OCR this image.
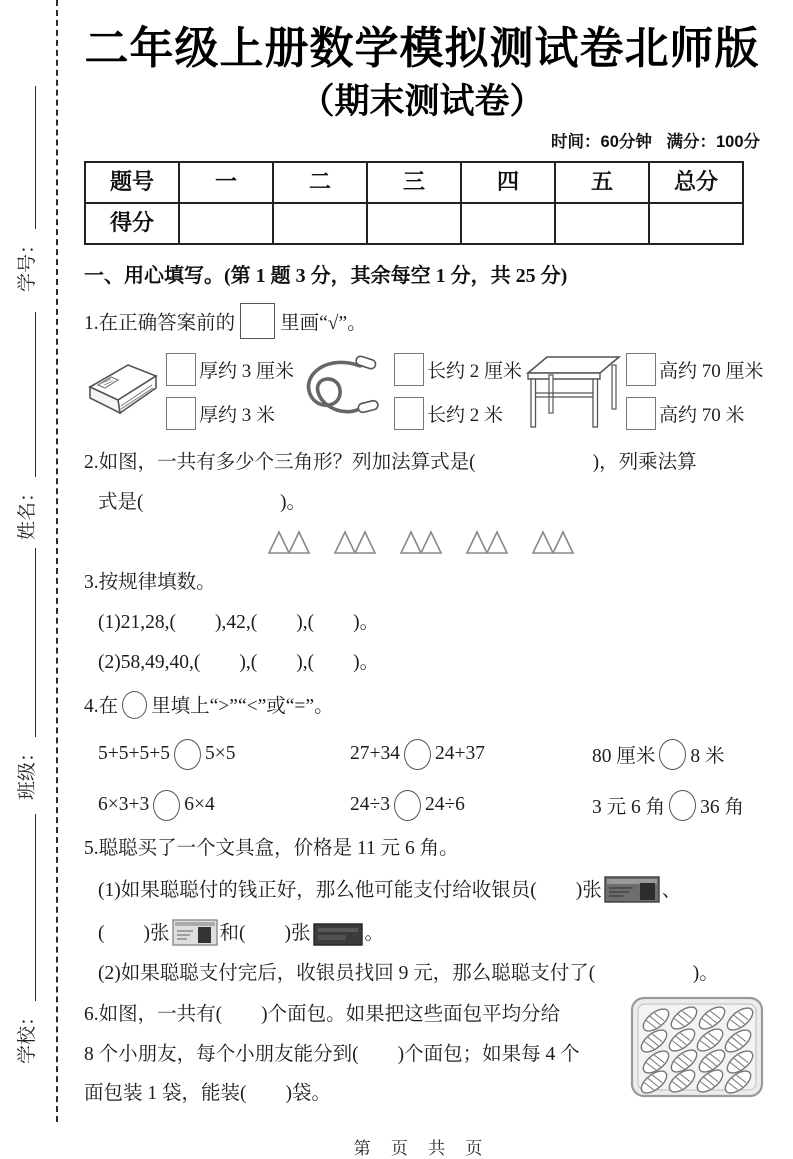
学号：
姓名：
班级：
学校：
二年级上册数学模拟测试卷北师版
（期末测试卷）
时间：60分钟 满分：100分
题号	一	二	三	四	五	总分
得分						
一、用心填写。(第 1 题 3 分，其余每空 1 分，共 25 分)
1.在正确答案前的 里画“√”。
厚约 3 厘米
厚约 3 米
长约 2 厘米
长约 2 米
高约 70 厘米
高约 70 米

2.如图，一共有多少个三角形？列加法算式是(　　　　　　)，列乘法算

式是(　　　　　　　)。

3.按规律填数。

(1)21,28,(　　),42,(　　),(　　)。

(2)58,49,40,(　　),(　　),(　　)。

4.在 里填上“>”“<”或“=”。
5+5+5+5 5×5	27+34 24+37	80 厘米 8 米
6×3+3 6×4	24÷3 24÷6	3 元 6 角 36 角

5.聪聪买了一个文具盒，价格是 11 元 6 角。

(1)如果聪聪付的钱正好，那么他可能支付给收银员(　　)张	、
(　　)张	和(　　)张	。

(2)如果聪聪支付完后，收银员找回 9 元，那么聪聪支付了(　　　　　)。

6.如图，一共有(　　)个面包。如果把这些面包平均分给

8 个小朋友，每个小朋友能分到(　　)个面包；如果每 4 个

面包装 1 袋，能装(　　)袋。

第 页 共 页
